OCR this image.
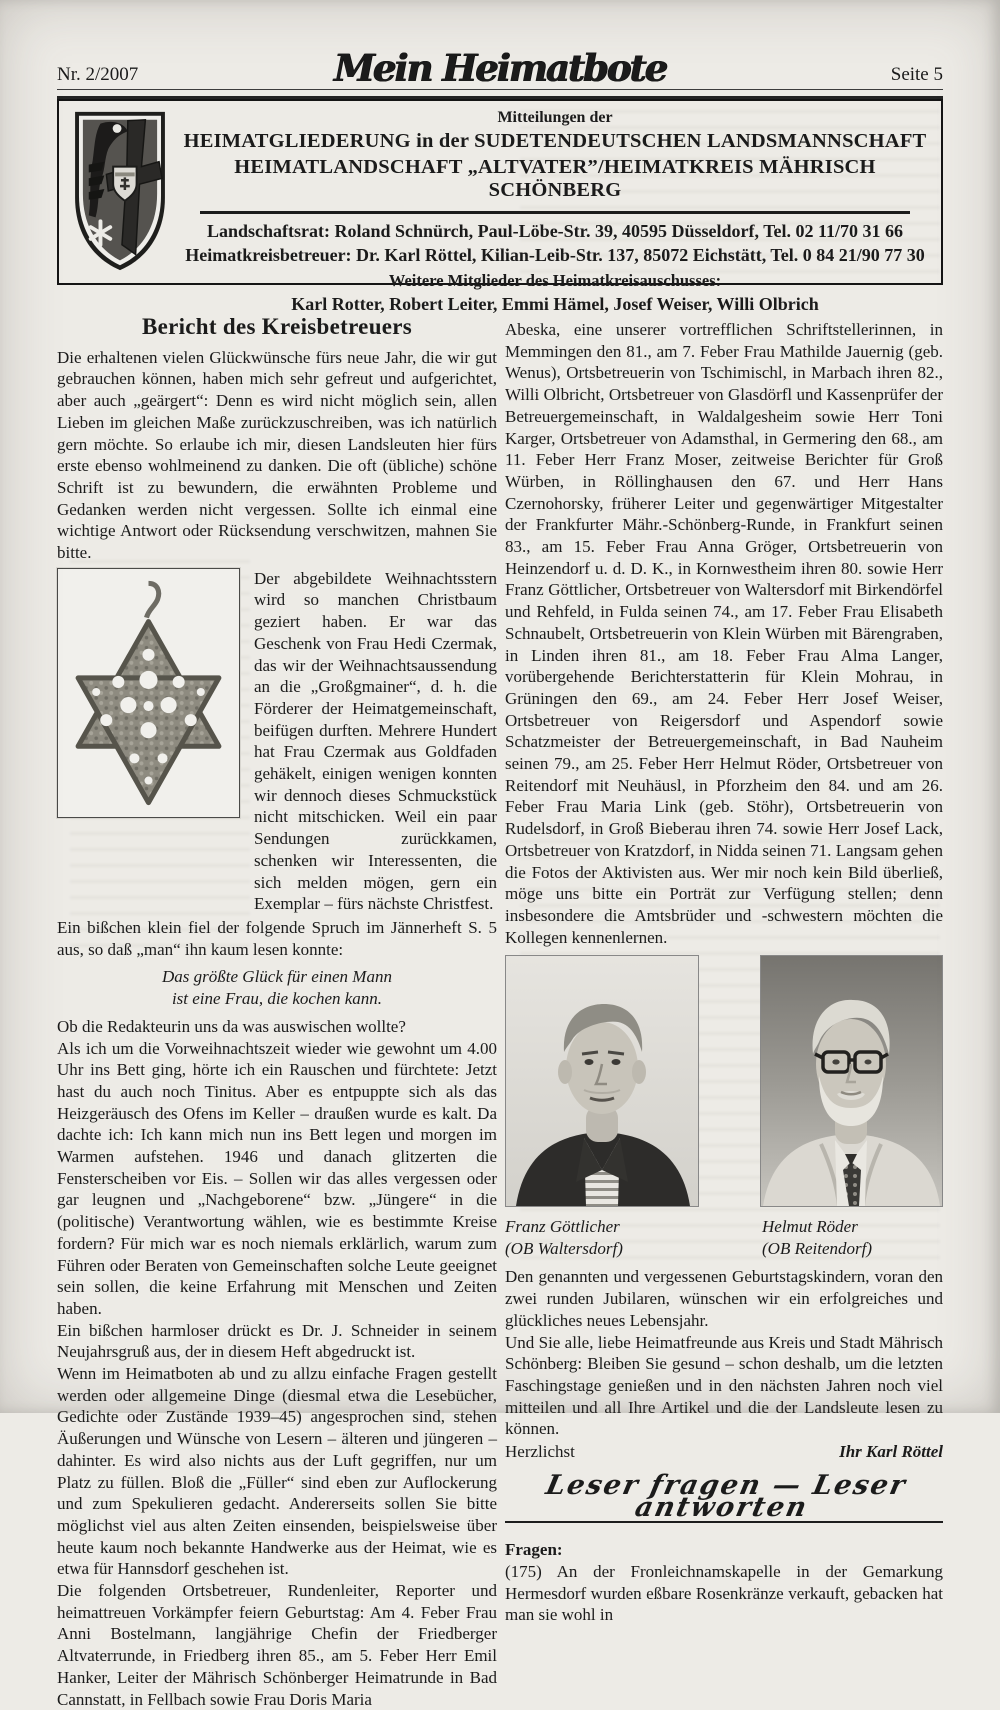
Nr. 2/2007	Mein Heimatbote	Seite 5
Mitteilungen der
HEIMATGLIEDERUNG in der SUDETENDEUTSCHEN LANDSMANNSCHAFT
HEIMATLANDSCHAFT „ALTVATER”/HEIMATKREIS MÄHRISCH SCHÖNBERG
Landschaftsrat: Roland Schnürch, Paul-Löbe-Str. 39, 40595 Düsseldorf, Tel. 02 11/70 31 66
Heimatkreisbetreuer: Dr. Karl Röttel, Kilian-Leib-Str. 137, 85072 Eichstätt, Tel. 0 84 21/90 77 30
Weitere Mitglieder des Heimatkreisauschusses:
Karl Rotter, Robert Leiter, Emmi Hämel, Josef Weiser, Willi Olbrich
Bericht des Kreisbetreuers

Die erhaltenen vielen Glückwünsche fürs neue Jahr, die wir gut gebrauchen können, haben mich sehr gefreut und aufgerichtet, aber auch „geärgert“: Denn es wird nicht möglich sein, allen Lieben im gleichen Maße zurückzuschreiben, was ich natürlich gern möchte. So erlaube ich mir, diesen Landsleuten hier fürs erste ebenso wohlmeinend zu danken. Die oft (übliche) schöne Schrift ist zu bewundern, die erwähnten Probleme und Gedanken werden nicht vergessen. Sollte ich einmal eine wichtige Antwort oder Rücksendung verschwitzen, mahnen Sie bitte.

Der abgebildete Weihnachtsstern wird so manchen Christbaum geziert haben. Er war das Geschenk von Frau Hedi Czermak, das wir der Weihnachtsaussendung an die „Großgmainer“, d. h. die Förderer der Heimatgemeinschaft, beifügen durften. Mehrere Hundert hat Frau Czermak aus Goldfaden gehäkelt, einigen wenigen konnten wir dennoch dieses Schmuckstück nicht mitschicken. Weil ein paar Sendungen zurückkamen, schenken wir Interessenten, die sich melden mögen, gern ein Exemplar – fürs nächste Christfest.

Ein bißchen klein fiel der folgende Spruch im Jännerheft S. 5 aus, so daß „man“ ihn kaum lesen konnte:

Das größte Glück für einen Mann
ist eine Frau, die kochen kann.

Ob die Redakteurin uns da was auswischen wollte?

Als ich um die Vorweihnachtszeit wieder wie gewohnt um 4.00 Uhr ins Bett ging, hörte ich ein Rauschen und fürchtete: Jetzt hast du auch noch Tinitus. Aber es entpuppte sich als das Heizgeräusch des Ofens im Keller – draußen wurde es kalt. Da dachte ich: Ich kann mich nun ins Bett legen und morgen im Warmen aufstehen. 1946 und danach glitzerten die Fensterscheiben vor Eis. – Sollen wir das alles vergessen oder gar leugnen und „Nachgeborene“ bzw. „Jüngere“ in die (politische) Verantwortung wählen, wie es bestimmte Kreise fordern? Für mich war es noch niemals erklärlich, warum zum Führen oder Beraten von Gemeinschaften solche Leute geeignet sein sollen, die keine Erfahrung mit Menschen und Zeiten haben.

Ein bißchen harmloser drückt es Dr. J. Schneider in seinem Neujahrsgruß aus, der in diesem Heft abgedruckt ist.

Wenn im Heimatboten ab und zu allzu einfache Fragen gestellt werden oder allgemeine Dinge (diesmal etwa die Lesebücher, Gedichte oder Zustände 1939–45) angesprochen sind, stehen Äußerungen und Wünsche von Lesern – älteren und jüngeren – dahinter. Es wird also nichts aus der Luft gegriffen, nur um Platz zu füllen. Bloß die „Füller“ sind eben zur Auflockerung und zum Spekulieren gedacht. Andererseits sollen Sie bitte möglichst viel aus alten Zeiten einsenden, beispielsweise über heute kaum noch bekannte Handwerke aus der Heimat, wie es etwa für Hannsdorf geschehen ist.

Die folgenden Ortsbetreuer, Rundenleiter, Reporter und heimattreuen Vorkämpfer feiern Geburtstag: Am 4. Feber Frau Anni Bostelmann, langjährige Chefin der Friedberger Altvaterrunde, in Friedberg ihren 85., am 5. Feber Herr Emil Hanker, Leiter der Mährisch Schönberger Heimatrunde in Bad Cannstatt, in Fellbach sowie Frau Doris Maria

Abeska, eine unserer vortrefflichen Schriftstellerinnen, in Memmingen den 81., am 7. Feber Frau Mathilde Jauernig (geb. Wenus), Ortsbetreuerin von Tschimischl, in Marbach ihren 82., Willi Olbricht, Ortsbetreuer von Glasdörfl und Kassenprüfer der Betreuergemeinschaft, in Waldalgesheim sowie Herr Toni Karger, Ortsbetreuer von Adamsthal, in Germering den 68., am 11. Feber Herr Franz Moser, zeitweise Berichter für Groß Würben, in Röllinghausen den 67. und Herr Hans Czernohorsky, früherer Leiter und gegenwärtiger Mitgestalter der Frankfurter Mähr.-Schönberg-Runde, in Frankfurt seinen 83., am 15. Feber Frau Anna Gröger, Ortsbetreuerin von Heinzendorf u. d. D. K., in Kornwestheim ihren 80. sowie Herr Franz Göttlicher, Ortsbetreuer von Waltersdorf mit Birkendörfel und Rehfeld, in Fulda seinen 74., am 17. Feber Frau Elisabeth Schnaubelt, Ortsbetreuerin von Klein Würben mit Bärengraben, in Linden ihren 81., am 18. Feber Frau Alma Langer, vorübergehende Berichterstatterin für Klein Mohrau, in Grüningen den 69., am 24. Feber Herr Josef Weiser, Ortsbetreuer von Reigersdorf und Aspendorf sowie Schatzmeister der Betreuergemeinschaft, in Bad Nauheim seinen 79., am 25. Feber Herr Helmut Röder, Ortsbetreuer von Reitendorf mit Neuhäusl, in Pforzheim den 84. und am 26. Feber Frau Maria Link (geb. Stöhr), Ortsbetreuerin von Rudelsdorf, in Groß Bieberau ihren 74. sowie Herr Josef Lack, Ortsbetreuer von Kratzdorf, in Nidda seinen 71. Langsam gehen die Fotos der Aktivisten aus. Wer mir noch kein Bild überließ, möge uns bitte ein Porträt zur Verfügung stellen; denn insbesondere die Amtsbrüder und -schwestern möchten die Kollegen kennenlernen.

Franz Göttlicher
(OB Waltersdorf)
Helmut Röder
(OB Reitendorf)

Den genannten und vergessenen Geburtstagskindern, voran den zwei runden Jubilaren, wünschen wir ein erfolgreiches und glückliches neues Lebensjahr.

Und Sie alle, liebe Heimatfreunde aus Kreis und Stadt Mährisch Schönberg: Bleiben Sie gesund – schon deshalb, um die letzten Faschingstage genießen und in den nächsten Jahren noch viel mitteilen und all Ihre Artikel und die der Landsleute lesen zu können.

Herzlichst	Ihr Karl Röttel
Leser fragen — Leser antworten

Fragen:

(175) An der Fronleichnamskapelle in der Gemarkung Hermesdorf wurden eßbare Rosenkränze verkauft, gebacken hat man sie wohl in
